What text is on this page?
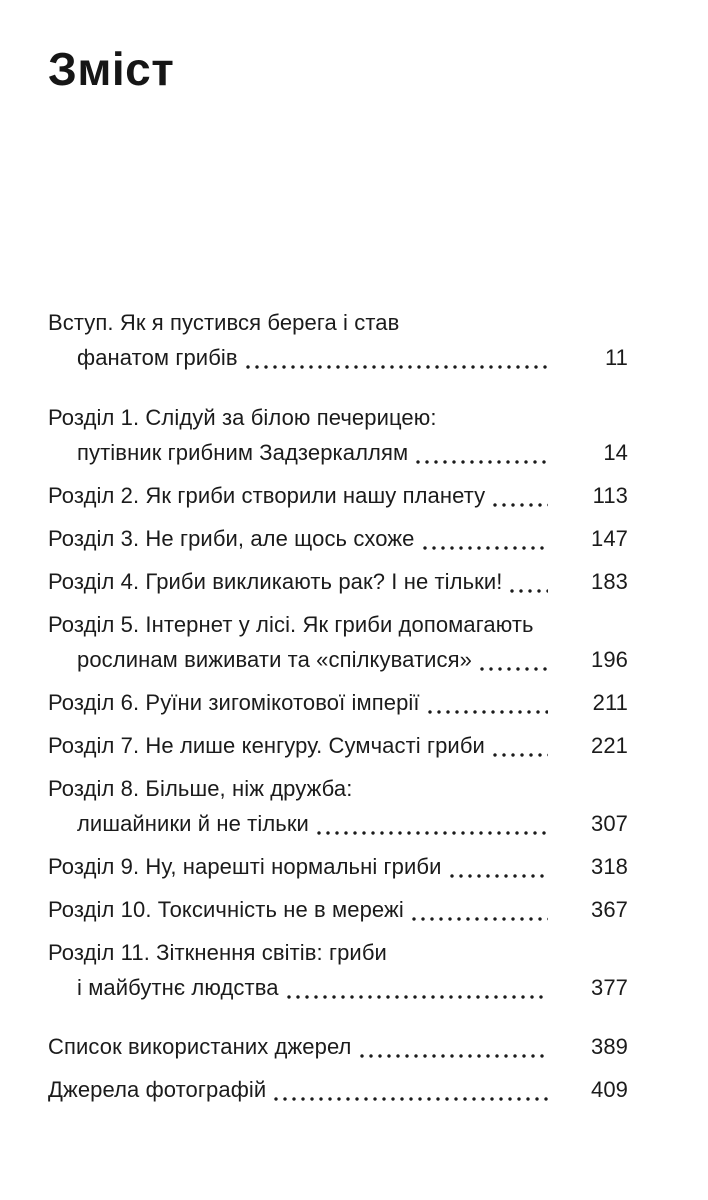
Зміст
Вступ. Як я пустився берега і став
фанатом грибів	11
Розділ 1. Слідуй за білою печерицею:
путівник грибним Задзеркаллям	14
Розділ 2. Як гриби створили нашу планету	113
Розділ 3. Не гриби, але щось схоже	147
Розділ 4. Гриби викликають рак? І не тільки!	183
Розділ 5. Інтернет у лісі. Як гриби допомагають
рослинам виживати та «спілкуватися»	196
Розділ 6. Руїни зигомікотової імперії	211
Розділ 7. Не лише кенгуру. Сумчасті гриби	221
Розділ 8. Більше, ніж дружба:
лишайники й не тільки	307
Розділ 9. Ну, нарешті нормальні гриби	318
Розділ 10. Токсичність не в мережі	367
Розділ 11. Зіткнення світів: гриби
і майбутнє людства	377
Список використаних джерел	389
Джерела фотографій	409
